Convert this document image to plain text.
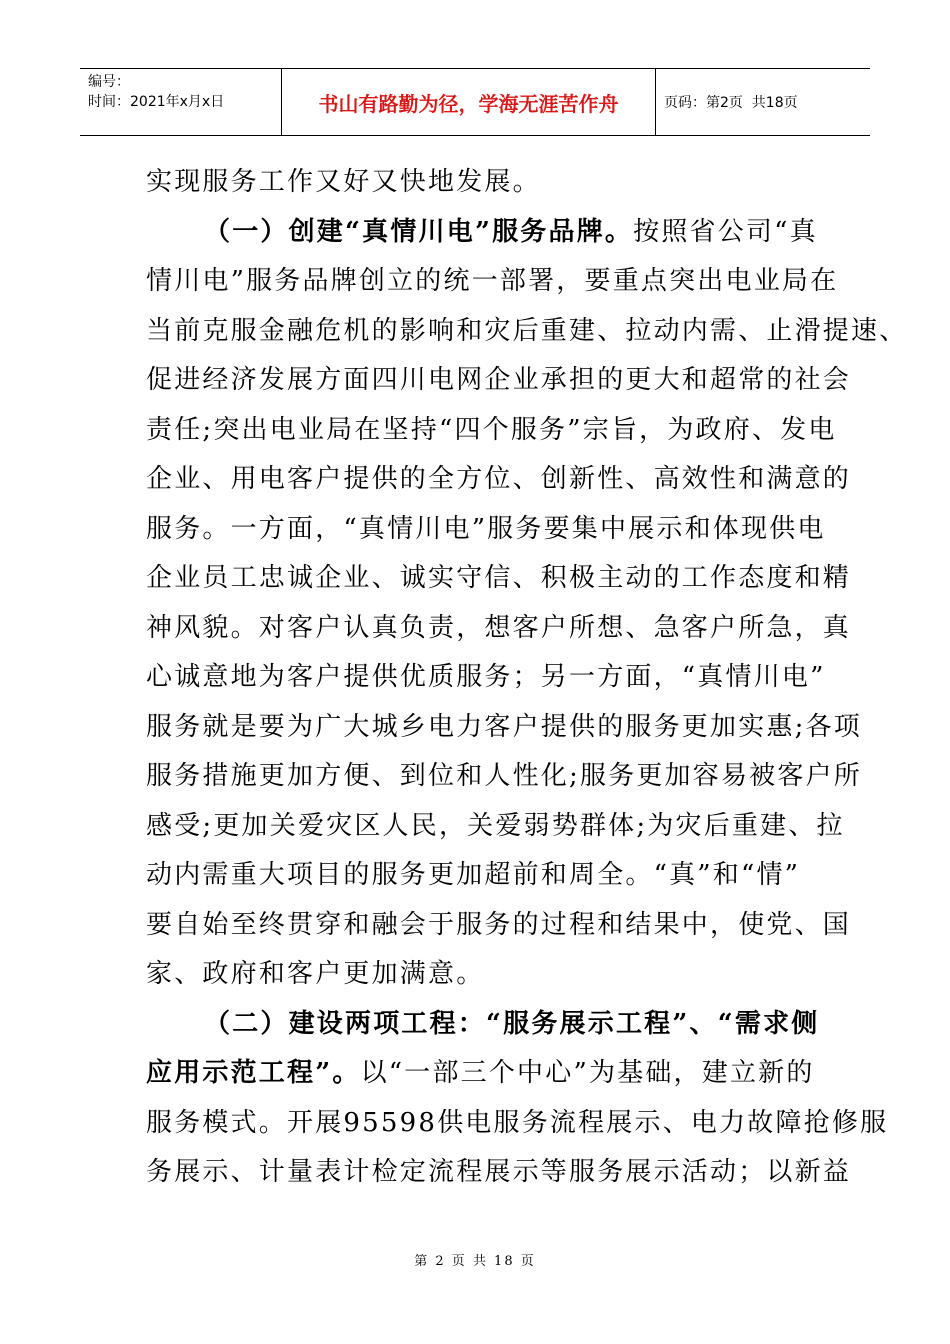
编号：
时间：2021年x月x日	书山有路勤为径，学海无涯苦作舟	页码：第2页  共18页
实现服务工作又好又快地发展。
（一）创建“真情川电”服务品牌。按照省公司“真
情川电”服务品牌创立的统一部署，要重点突出电业局在
当前克服金融危机的影响和灾后重建、拉动内需、止滑提速、
促进经济发展方面四川电网企业承担的更大和超常的社会
责任;突出电业局在坚持“四个服务”宗旨，为政府、发电
企业、用电客户提供的全方位、创新性、高效性和满意的
服务。一方面，“真情川电”服务要集中展示和体现供电
企业员工忠诚企业、诚实守信、积极主动的工作态度和精
神风貌。对客户认真负责，想客户所想、急客户所急，真
心诚意地为客户提供优质服务；另一方面，“真情川电”
服务就是要为广大城乡电力客户提供的服务更加实惠;各项
服务措施更加方便、到位和人性化;服务更加容易被客户所
感受;更加关爱灾区人民，关爱弱势群体;为灾后重建、拉
动内需重大项目的服务更加超前和周全。“真”和“情”
要自始至终贯穿和融会于服务的过程和结果中，使党、国
家、政府和客户更加满意。
（二）建设两项工程：“服务展示工程”、“需求侧
应用示范工程”。以“一部三个中心”为基础，建立新的
服务模式。开展95598供电服务流程展示、电力故障抢修服
务展示、计量表计检定流程展示等服务展示活动；以新益
第 2 页 共 18 页
